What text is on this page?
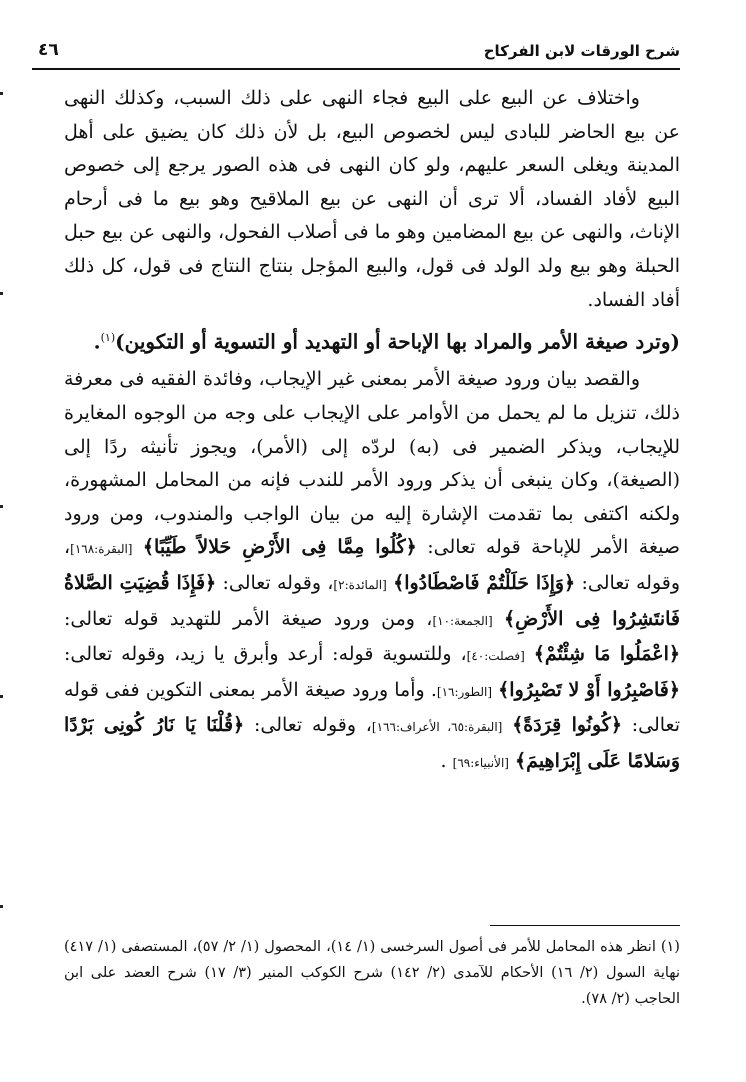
شرح الورقات لابن الفركاح
٤٦

واختلاف عن البيع على البيع فجاء النهى على ذلك السبب، وكذلك النهى عن بيع الحاضر للبادى ليس لخصوص البيع، بل لأن ذلك كان يضيق على أهل المدينة ويغلى السعر عليهم، ولو كان النهى فى هذه الصور يرجع إلى خصوص البيع لأفاد الفساد، ألا ترى أن النهى عن بيع الملاقيح وهو بيع ما فى أرحام الإناث، والنهى عن بيع المضامين وهو ما فى أصلاب الفحول، والنهى عن بيع حبل الحبلة وهو بيع ولد الولد فى قول، والبيع المؤجل بنتاج النتاج فى قول، كل ذلك أفاد الفساد.

(وترد صيغة الأمر والمراد بها الإباحة أو التهديد أو التسوية أو التكوين)$^{(١)}$.

والقصد بيان ورود صيغة الأمر بمعنى غير الإيجاب، وفائدة الفقيه فى معرفة ذلك، تنزيل ما لم يحمل من الأوامر على الإيجاب على وجه من الوجوه المغايرة للإيجاب، ويذكر الضمير فى (به) لردّه إلى (الأمر)، ويجوز تأنيثه ردًا إلى (الصيغة)، وكان ينبغى أن يذكر ورود الأمر للندب فإنه من المحامل المشهورة، ولكنه اكتفى بما تقدمت الإشارة إليه من بيان الواجب والمندوب، ومن ورود صيغة الأمر للإباحة قوله تعالى: ﴿كُلُوا مِمَّا فِى الأَرْضِ حَلالاً طَيِّبًا﴾ [البقرة:١٦٨]، وقوله تعالى: ﴿وَإِذَا حَلَلْتُمْ فَاصْطَادُوا﴾ [المائدة:٢]، وقوله تعالى: ﴿فَإِذَا قُضِيَتِ الصَّلاةُ فَانتَشِرُوا فِى الأَرْضِ﴾ [الجمعة:١٠]، ومن ورود صيغة الأمر للتهديد قوله تعالى: ﴿اعْمَلُوا مَا شِئْتُمْ﴾ [فصلت:٤٠]، وللتسوية قوله: أرعد وأبرق يا زيد، وقوله تعالى: ﴿فَاصْبِرُوا أَوْ لا تَصْبِرُوا﴾ [الطور:١٦]. وأما ورود صيغة الأمر بمعنى التكوين ففى قوله تعالى: ﴿كُونُوا قِرَدَةً﴾ [البقرة:٦٥، الأعراف:١٦٦]، وقوله تعالى: ﴿قُلْنَا يَا نَارُ كُونِى بَرْدًا وَسَلامًا عَلَى إِبْرَاهِيمَ﴾ [الأنبياء:٦٩] .

(١) انظر هذه المحامل للأمر فى أصول السرخسى (١/ ١٤)، المحصول (١/ ٢/ ٥٧)، المستصفى (١/ ٤١٧) نهاية السول (٢/ ١٦) الأحكام للآمدى (٢/ ١٤٢) شرح الكوكب المنير (٣/ ١٧) شرح العضد على ابن الحاجب (٢/ ٧٨).
